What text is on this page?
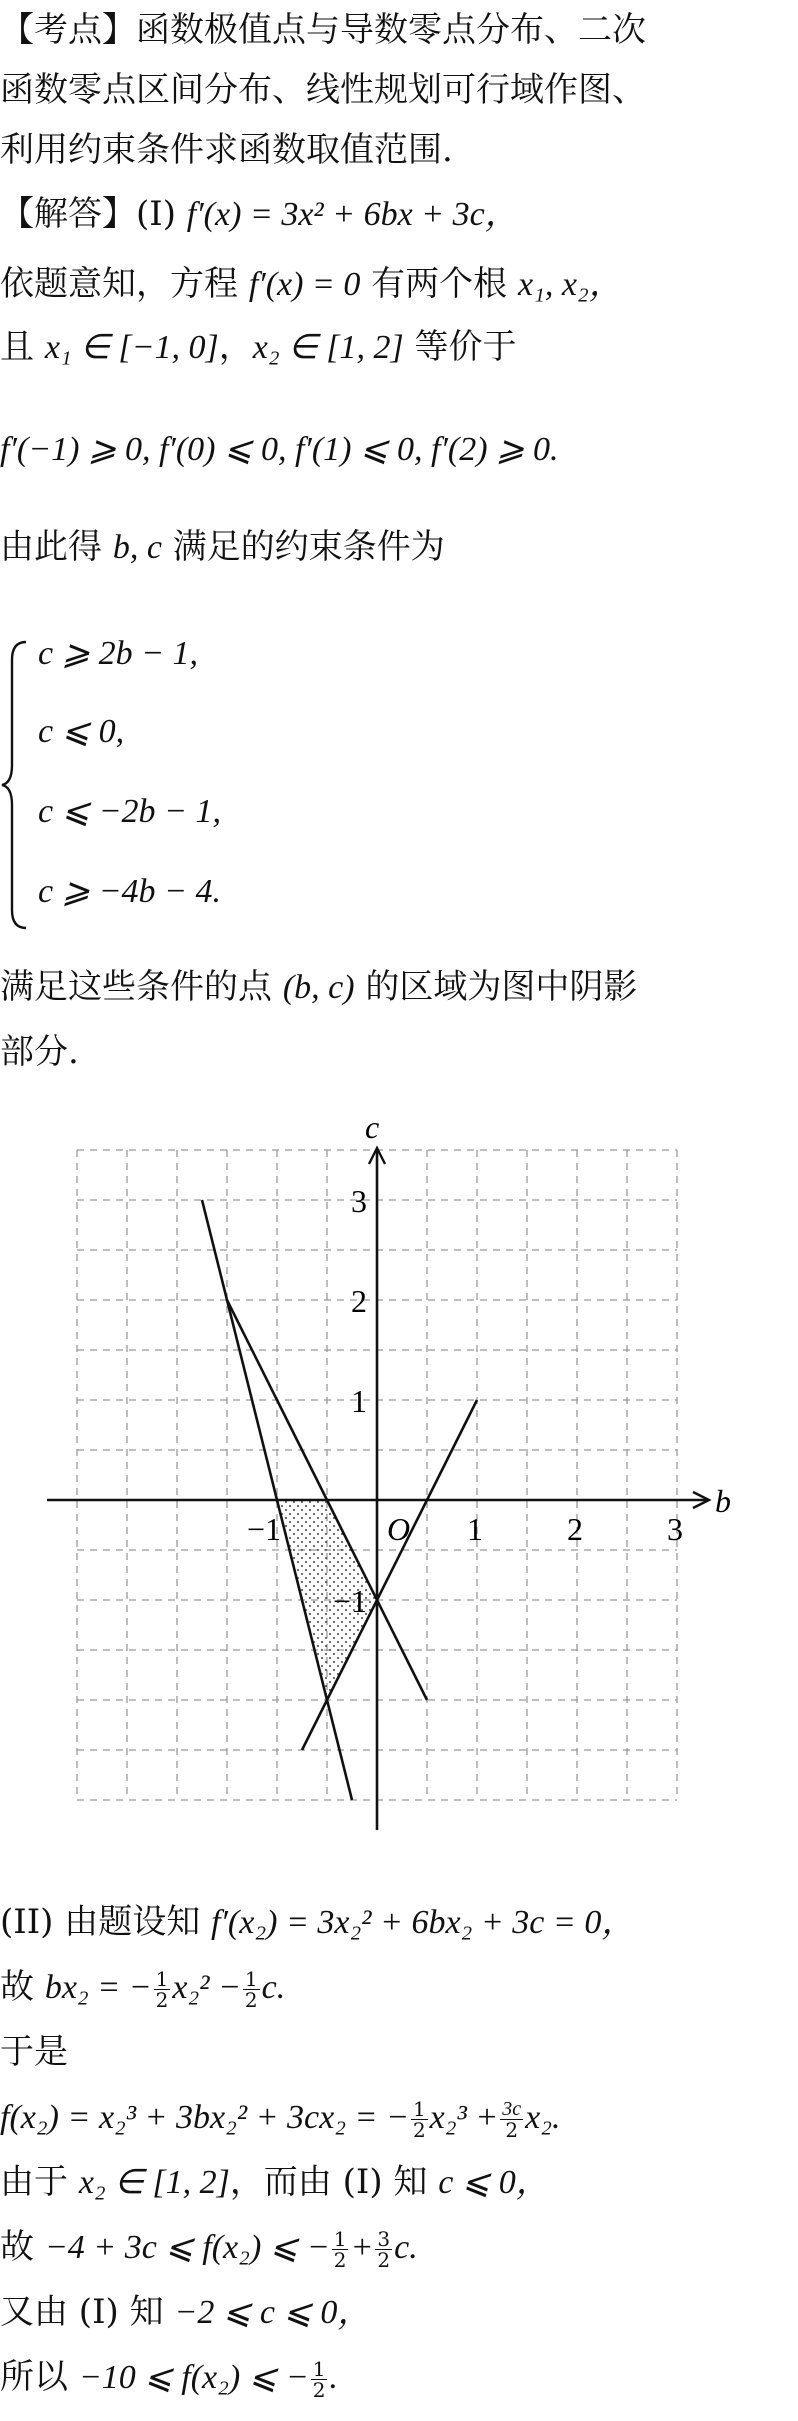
【考点】函数极值点与导数零点分布、二次
函数零点区间分布、线性规划可行域作图、
利用约束条件求函数取值范围.
【解答】(I) f′(x) = 3x² + 6bx + 3c，
依题意知，方程 f′(x) = 0 有两个根 x₁, x₂，
且 x₁ ∈ [−1, 0]，x₂ ∈ [1, 2] 等价于
f′(−1) ⩾ 0, f′(0) ⩽ 0, f′(1) ⩽ 0, f′(2) ⩾ 0.
由此得 b, c 满足的约束条件为
c ⩾ 2b − 1,
c ⩽ 0,
c ⩽ −2b − 1,
c ⩾ −4b − 4.
满足这些条件的点 (b, c) 的区域为图中阴影
部分.
b
c
O
−1	1	2	3
3
2
1
−1
(II) 由题设知 f′(x₂) = 3x₂² + 6bx₂ + 3c = 0，
故 bx₂ = − $\frac{1}{2} x_2^2 - \frac{1}{2} c$.
于是
f(x₂) = x₂³ + 3bx₂² + 3cx₂ = − $\frac{1}{2} x_2^3 + \frac{3c}{2} x_2$.
由于 x₂ ∈ [1, 2]，而由 (I) 知 c ⩽ 0，
故 −4 + 3c ⩽ f(x₂) ⩽ − $\frac{1}{2} + \frac{3}{2} c$.
又由 (I) 知 −2 ⩽ c ⩽ 0，
所以 −10 ⩽ f(x₂) ⩽ − $\frac{1}{2}$ .
